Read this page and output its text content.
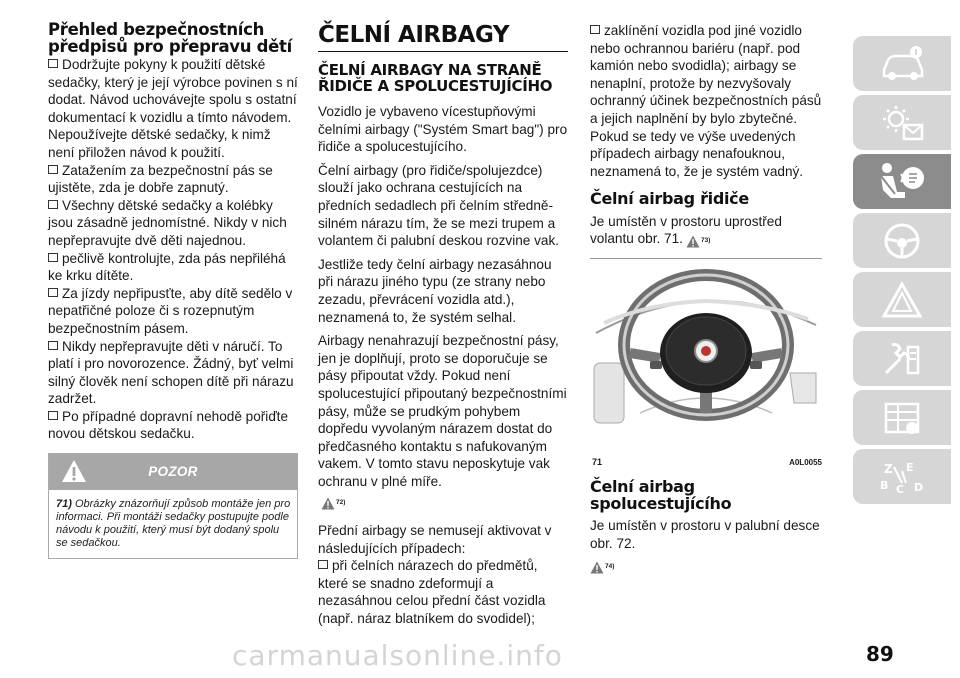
Přehled bezpečnostních předpisů pro přepravu dětí
Dodržujte pokyny k použití dětské sedačky, který je její výrobce povinen s ní dodat. Návod uchovávejte spolu s ostatní dokumentací k vozidlu a tímto návodem. Nepoužívejte dětské sedačky, k nimž není přiložen návod k použití.
Zatažením za bezpečnostní pás se ujistěte, zda je dobře zapnutý.
Všechny dětské sedačky a kolébky jsou zásadně jednomístné. Nikdy v nich nepřepravujte dvě děti najednou.
pečlivě kontrolujte, zda pás nepřiléhá ke krku dítěte.
Za jízdy nepřipusťte, aby dítě sedělo v nepatřičné poloze či s rozepnutým bezpečnostním pásem.
Nikdy nepřepravujte děti v náručí. To platí i pro novorozence. Žádný, byť velmi silný člověk není schopen dítě při nárazu zadržet.
Po případné dopravní nehodě pořiďte novou dětskou sedačku.
POZOR
71) Obrázky znázorňují způsob montáže jen pro informaci. Při montáži sedačky postupujte podle návodu k použití, který musí být dodaný spolu se sedačkou.
ČELNÍ AIRBAGY
ČELNÍ AIRBAGY NA STRANĚ ŘIDIČE A SPOLUCESTUJÍCÍHO
Vozidlo je vybaveno vícestupňovými čelními airbagy ("Systém Smart bag") pro řidiče a spolucestujícího.
Čelní airbagy (pro řidiče/spolujezdce) slouží jako ochrana cestujících na předních sedadlech při čelním středně-silném nárazu tím, že se mezi trupem a volantem či palubní deskou rozvine vak.
Jestliže tedy čelní airbagy nezasáhnou při nárazu jiného typu (ze strany nebo zezadu, převrácení vozidla atd.), neznamená to, že systém selhal.
Airbagy nenahrazují bezpečnostní pásy, jen je doplňují, proto se doporučuje se pásy připoutat vždy. Pokud není spolucestující připoutaný bezpečnostními pásy, může se prudkým pohybem dopředu vyvolaným nárazem dostat do předčasného kontaktu s nafukovaným vakem. V tomto stavu neposkytuje vak ochranu v plné míře.
$^{72)}$
Přední airbagy se nemusejí aktivovat v následujících případech:
při čelních nárazech do předmětů, které se snadno zdeformují a nezasáhnou celou přední část vozidla (např. náraz blatníkem do svodidel);
zaklínění vozidla pod jiné vozidlo nebo ochrannou bariéru (např. pod kamión nebo svodidla); airbagy se nenaplní, protože by nezvyšovaly ochranný účinek bezpečnostních pásů a jejich naplnění by bylo zbytečné. Pokud se tedy ve výše uvedených případech airbagy nenafouknou, neznamená to, že je systém vadný.
Čelní airbag řidiče
Je umístěn v prostoru uprostřed volantu obr. 71.	$^{73)}$
71	A0L0055
Čelní airbag spolucestujícího
Je umístěn v prostoru v palubní desce obr. 72.
$^{74)}$
Z E
B C D
carmanualsonline.info	89
